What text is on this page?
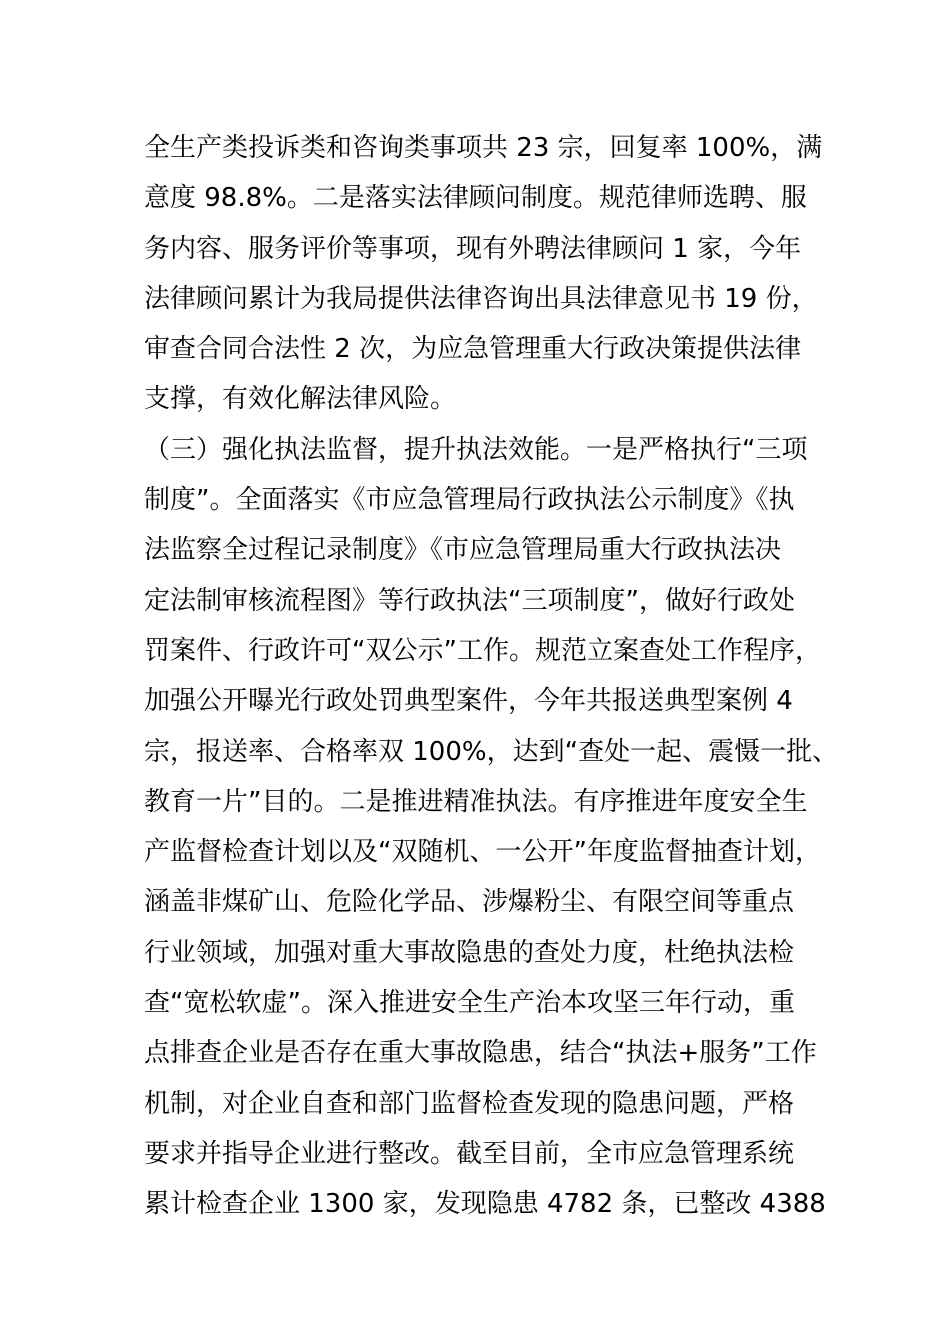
全生产类投诉类和咨询类事项共 23 宗，回复率 100%，满
意度 98.8%。二是落实法律顾问制度。规范律师选聘、服
务内容、服务评价等事项，现有外聘法律顾问 1 家，今年
法律顾问累计为我局提供法律咨询出具法律意见书 19 份，
审查合同合法性 2 次，为应急管理重大行政决策提供法律
支撑，有效化解法律风险。
（三）强化执法监督，提升执法效能。一是严格执行“三项
制度”。全面落实《市应急管理局行政执法公示制度》《执
法监察全过程记录制度》《市应急管理局重大行政执法决
定法制审核流程图》等行政执法“三项制度”，做好行政处
罚案件、行政许可“双公示”工作。规范立案查处工作程序，
加强公开曝光行政处罚典型案件，今年共报送典型案例 4
宗，报送率、合格率双 100%，达到“查处一起、震慑一批、
教育一片”目的。二是推进精准执法。有序推进年度安全生
产监督检查计划以及“双随机、一公开”年度监督抽查计划，
涵盖非煤矿山、危险化学品、涉爆粉尘、有限空间等重点
行业领域，加强对重大事故隐患的查处力度，杜绝执法检
查“宽松软虚”。深入推进安全生产治本攻坚三年行动，重
点排查企业是否存在重大事故隐患，结合“执法+服务”工作
机制，对企业自查和部门监督检查发现的隐患问题，严格
要求并指导企业进行整改。截至目前，全市应急管理系统
累计检查企业 1300 家，发现隐患 4782 条，已整改 4388
